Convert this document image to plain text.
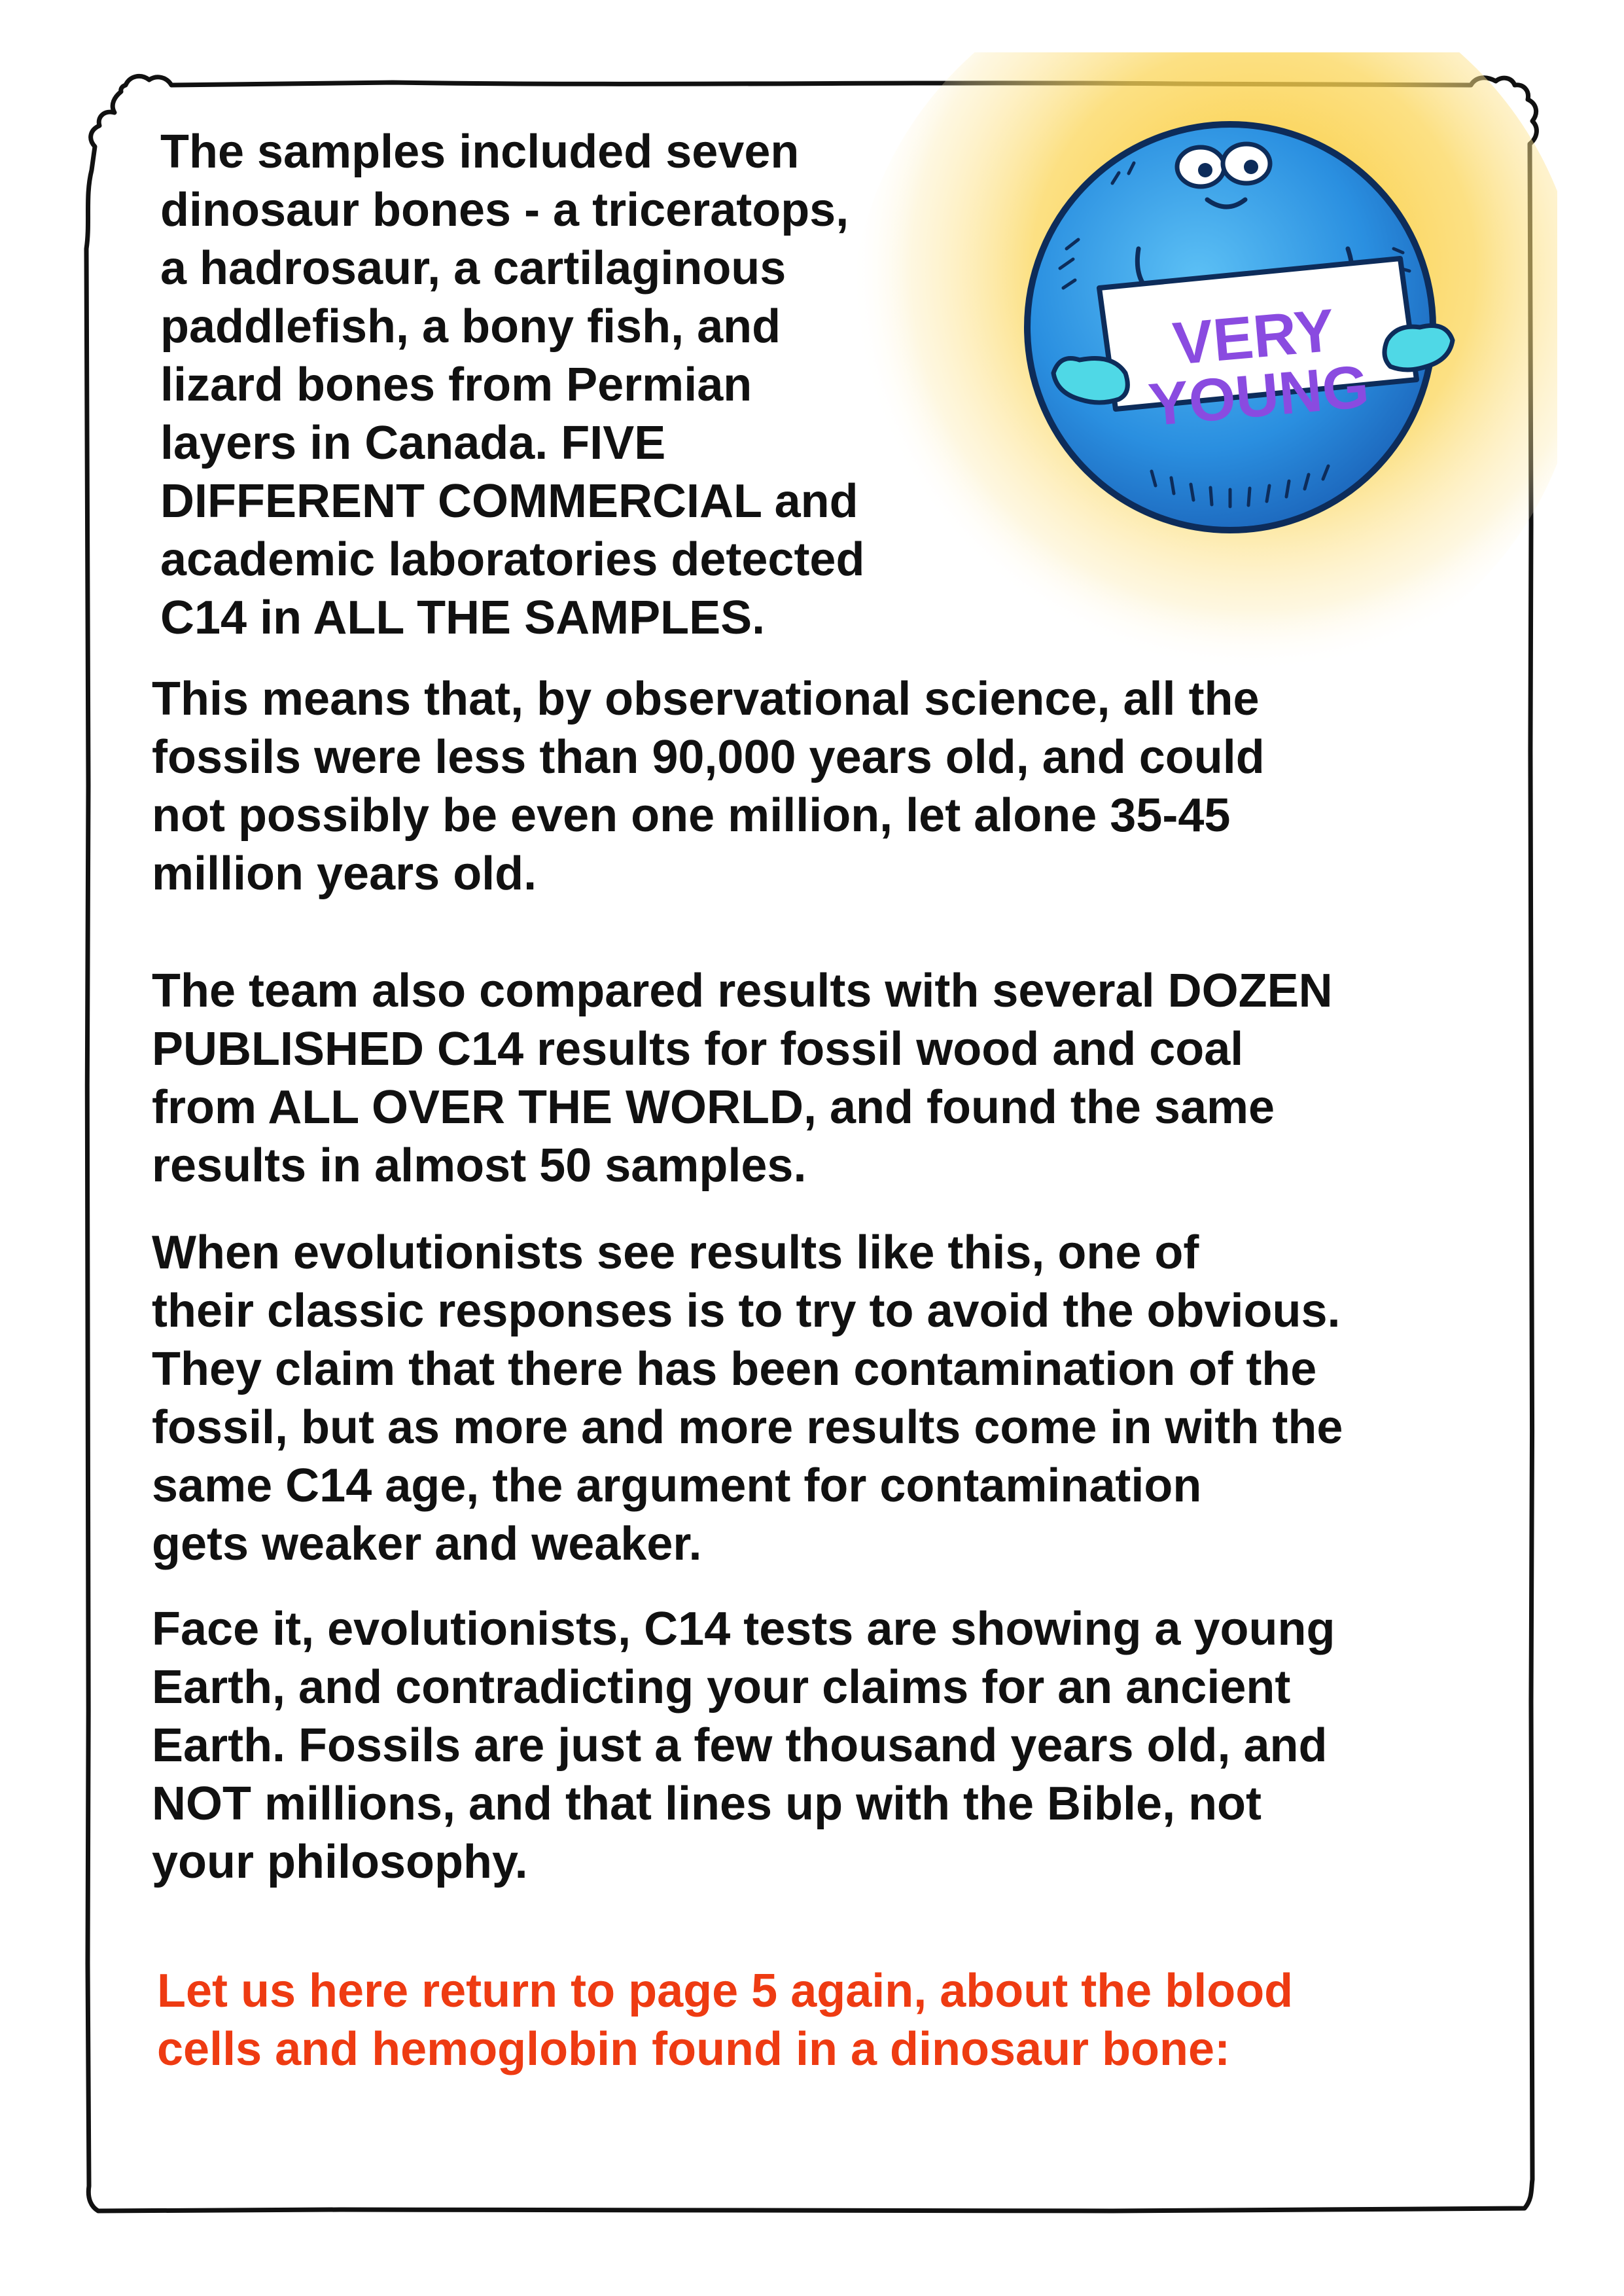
VERY
YOUNG

The samples included seven
dinosaur bones - a triceratops,
a hadrosaur, a cartilaginous
paddlefish, a bony fish, and
lizard bones from Permian
layers in Canada. FIVE
DIFFERENT COMMERCIAL and
academic laboratories detected
C14 in ALL THE SAMPLES.

This means that, by observational science, all the
fossils were less than 90,000 years old, and could
not possibly be even one million, let alone 35-45
million years old.

The team also compared results with several DOZEN
PUBLISHED C14 results for fossil wood and coal
from ALL OVER THE WORLD, and found the same
results in almost 50 samples.

When evolutionists see results like this, one of
their classic responses is to try to avoid the obvious.
They claim that there has been contamination of the
fossil, but as more and more results come in with the
same C14 age, the argument for contamination
gets weaker and weaker.

Face it, evolutionists, C14 tests are showing a young
Earth, and contradicting your claims for an ancient
Earth. Fossils are just a few thousand years old, and
NOT millions, and that lines up with the Bible, not
your philosophy.

Let us here return to page 5 again, about the blood
cells and hemoglobin found in a dinosaur bone:
